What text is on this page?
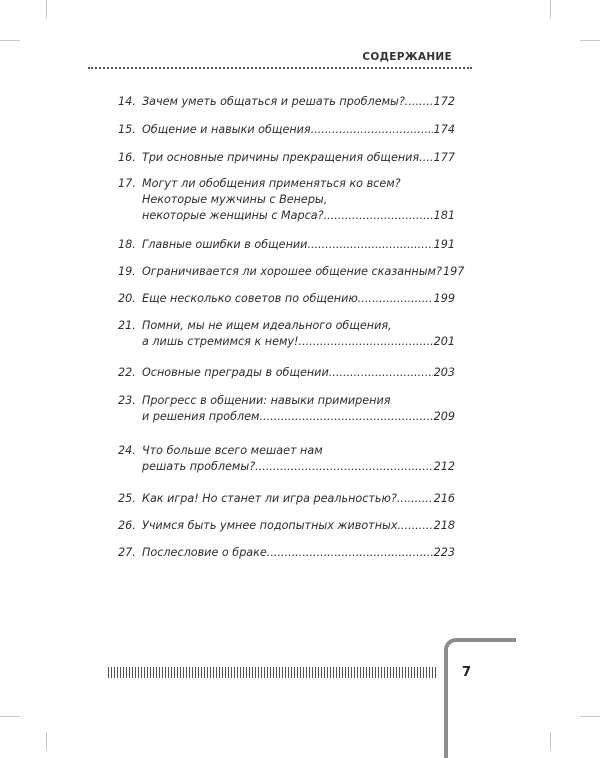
СОДЕРЖАНИЕ
14. Зачем уметь общаться и решать проблемы? .....	172
15. Общение и навыки общения .....	174
16. Три основные причины прекращения общения ..... 177
17. Могут ли обобщения применяться ко всем?
Некоторые мужчины с Венеры,
некоторые женщины с Марса? .....	181
18. Главные ошибки в общении .....	191
19. Ограничивается ли хорошее общение сказанным? 197
20. Еще несколько советов по общению .....	199
21. Помни, мы не ищем идеального общения,
а лишь стремимся к нему! .....	201
22. Основные преграды в общении .....	203
23. Прогресс в общении: навыки примирения
и решения проблем .....	209
24. Что больше всего мешает нам
решать проблемы? .....	212
25. Как игра! Но станет ли игра реальностью? .....	216
26. Учимся быть умнее подопытных животных .....	218
27. Послесловие о браке .....	223
7
